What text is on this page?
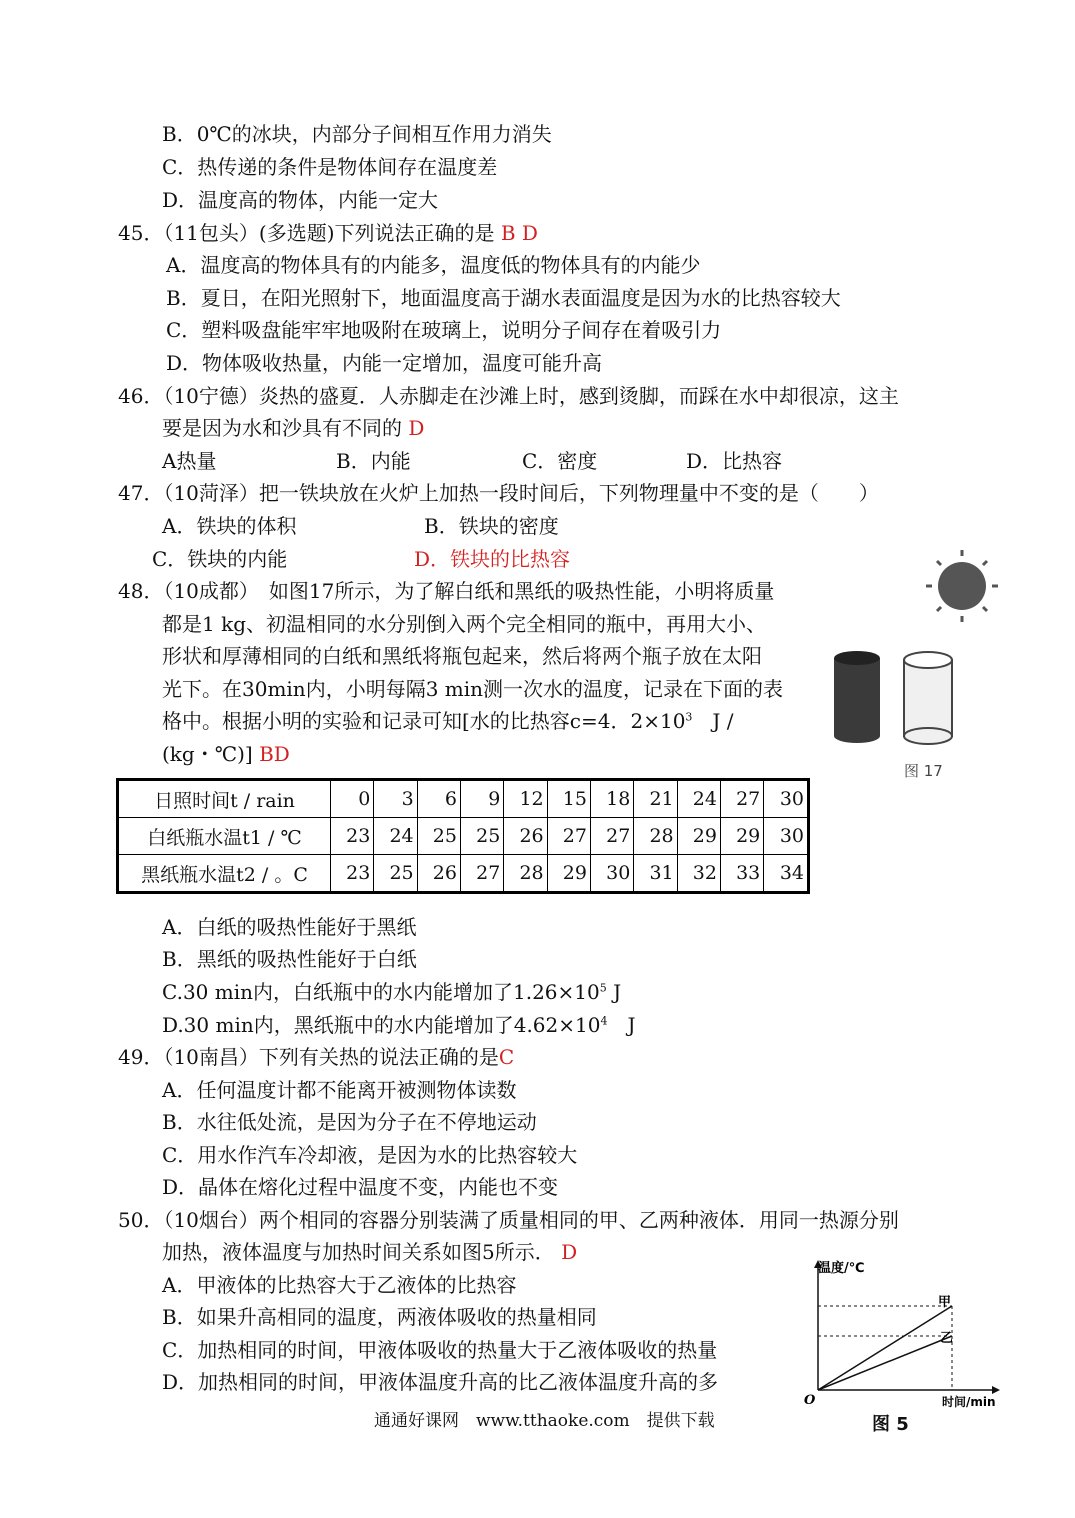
B．0℃的冰块，内部分子间相互作用力消失
C．热传递的条件是物体间存在温度差
D．温度高的物体，内能一定大
45．（11包头）(多选题)下列说法正确的是 B D
A．温度高的物体具有的内能多，温度低的物体具有的内能少
B．夏日，在阳光照射下，地面温度高于湖水表面温度是因为水的比热容较大
C．塑料吸盘能牢牢地吸附在玻璃上，说明分子间存在着吸引力
D．物体吸收热量，内能一定增加，温度可能升高
46．（10宁德）炎热的盛夏．人赤脚走在沙滩上时，感到烫脚，而踩在水中却很凉，这主
要是因为水和沙具有不同的 D
A热量	B．内能	C．密度	D．比热容
47．（10菏泽）把一铁块放在火炉上加热一段时间后，下列物理量中不变的是（　　）
A．铁块的体积	B．铁块的密度
C．铁块的内能	D．铁块的比热容
48．（10成都）　如图17所示，为了解白纸和黑纸的吸热性能，小明将质量
都是1 kg、初温相同的水分别倒入两个完全相同的瓶中，再用大小、
形状和厚薄相同的白纸和黑纸将瓶包起来，然后将两个瓶子放在太阳
光下。在30min内，小明每隔3 min测一次水的温度，记录在下面的表
格中。根据小明的实验和记录可知[水的比热容c=4．$2\times 10^3$　J /
(kg・℃)] BD
图 17
日照时间t / rain	0	3	6	9	12	15	18	21	24	27	30
白纸瓶水温t1 / ℃	23	24	25	25	26	27	27	28	29	29	30
黑纸瓶水温t2 / 。C	23	25	26	27	28	29	30	31	32	33	34
A．白纸的吸热性能好于黑纸
B．黑纸的吸热性能好于白纸
C.30 min内，白纸瓶中的水内能增加了$1.26\times 10^5$ J
D.30 min内，黑纸瓶中的水内能增加了$4.62\times 10^4$　J
49．（10南昌）下列有关热的说法正确的是C
A．任何温度计都不能离开被测物体读数
B．水往低处流，是因为分子在不停地运动
C．用水作汽车冷却液，是因为水的比热容较大
D．晶体在熔化过程中温度不变，内能也不变
50．（10烟台）两个相同的容器分别装满了质量相同的甲、乙两种液体．用同一热源分别
加热，液体温度与加热时间关系如图5所示． D
A．甲液体的比热容大于乙液体的比热容
B．如果升高相同的温度，两液体吸收的热量相同
C．加热相同的时间，甲液体吸收的热量大于乙液体吸收的热量
D．加热相同的时间，甲液体温度升高的比乙液体温度升高的多
温度/℃
时间/min
O
甲
乙
图 5
通通好课网　www.tthaoke.com　提供下载
